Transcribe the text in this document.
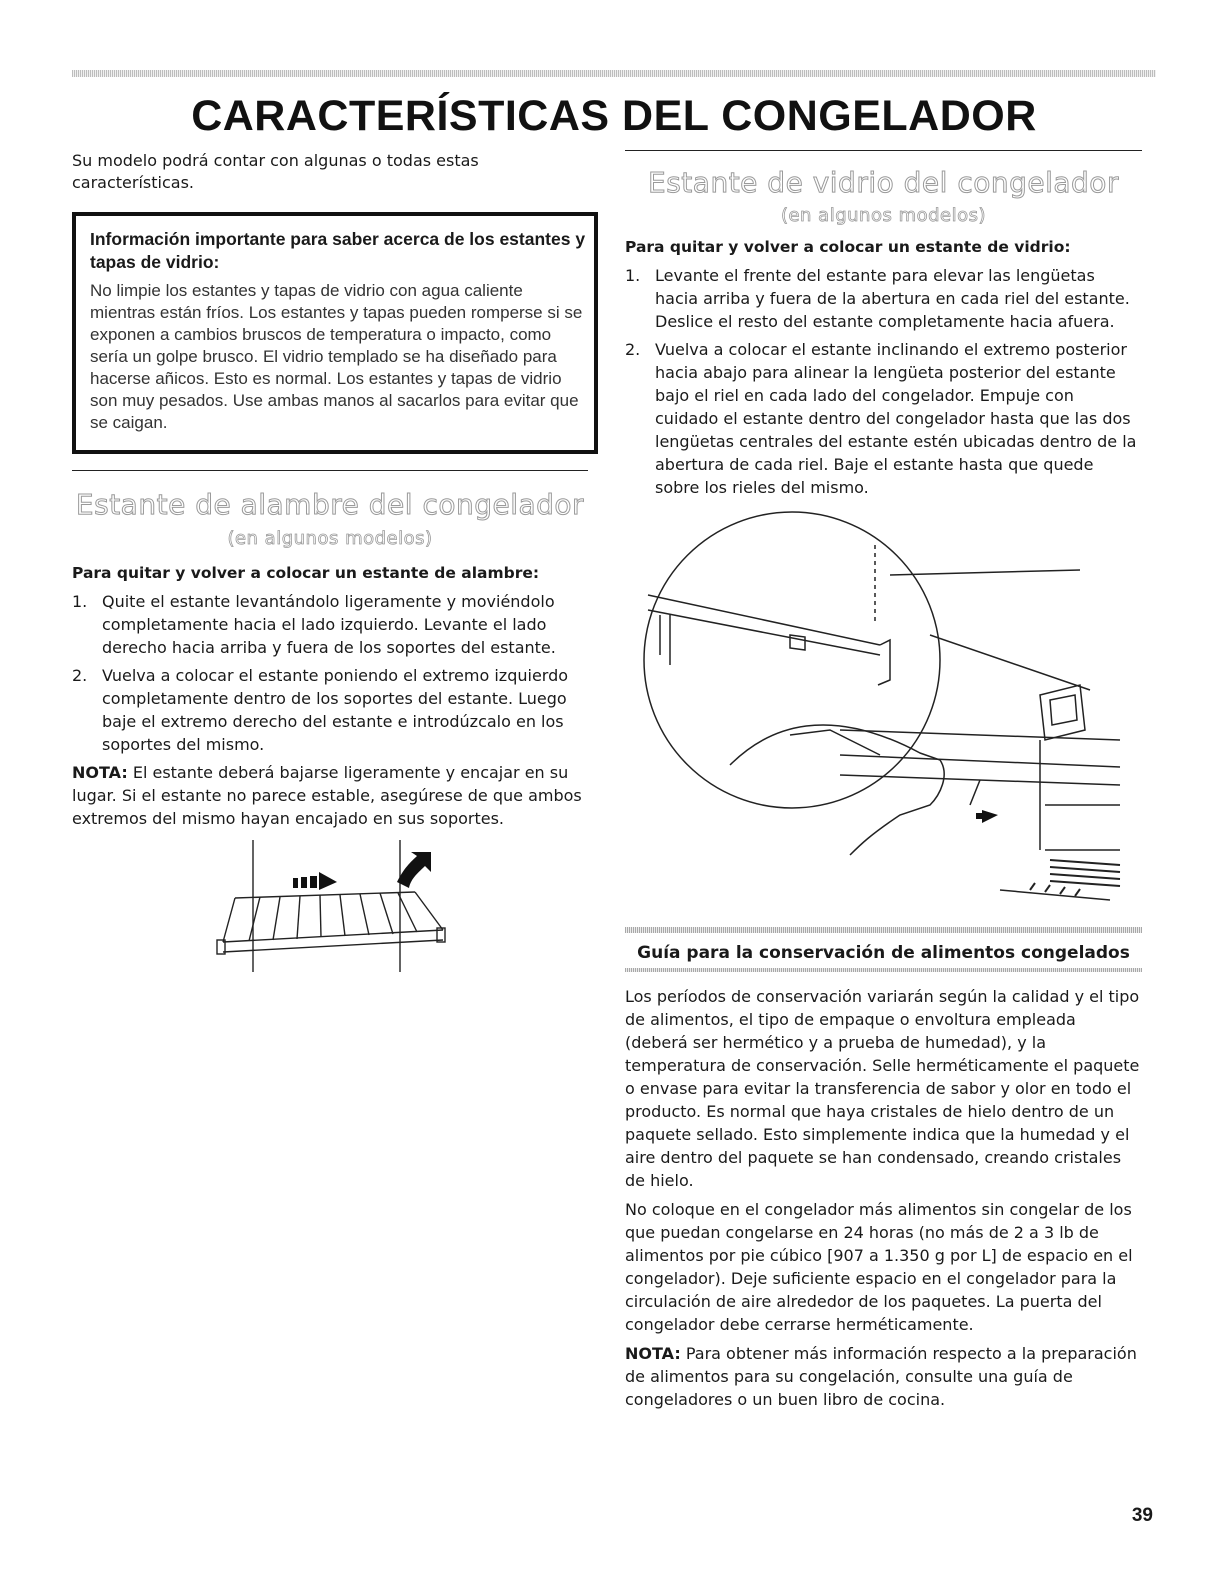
CARACTERÍSTICAS DEL CONGELADOR
Su modelo podrá contar con algunas o todas estas características.

Información importante para saber acerca de los estantes y tapas de vidrio:

No limpie los estantes y tapas de vidrio con agua caliente mientras están fríos. Los estantes y tapas pueden romperse si se exponen a cambios bruscos de temperatura o impacto, como sería un golpe brusco. El vidrio templado se ha diseñado para hacerse añicos. Esto es normal. Los estantes y tapas de vidrio son muy pesados. Use ambas manos al sacarlos para evitar que se caigan.

Estante de alambre del congelador
(en algunos modelos)
Para quitar y volver a colocar un estante de alambre:
1. Quite el estante levantándolo ligeramente y moviéndolo completamente hacia el lado izquierdo. Levante el lado derecho hacia arriba y fuera de los soportes del estante.
2. Vuelva a colocar el estante poniendo el extremo izquierdo completamente dentro de los soportes del estante. Luego baje el extremo derecho del estante e introdúzcalo en los soportes del mismo.

NOTA: El estante deberá bajarse ligeramente y encajar en su lugar. Si el estante no parece estable, asegúrese de que ambos extremos del mismo hayan encajado en sus soportes.

Estante de vidrio del congelador
(en algunos modelos)
Para quitar y volver a colocar un estante de vidrio:
1. Levante el frente del estante para elevar las lengüetas hacia arriba y fuera de la abertura en cada riel del estante. Deslice el resto del estante completamente hacia afuera.
2. Vuelva a colocar el estante inclinando el extremo posterior hacia abajo para alinear la lengüeta posterior del estante bajo el riel en cada lado del congelador. Empuje con cuidado el estante dentro del congelador hasta que las dos lengüetas centrales del estante estén ubicadas dentro de la abertura de cada riel. Baje el estante hasta que quede sobre los rieles del mismo.
Guía para la conservación de alimentos congelados

Los períodos de conservación variarán según la calidad y el tipo de alimentos, el tipo de empaque o envoltura empleada (deberá ser hermético y a prueba de humedad), y la temperatura de conservación. Selle herméticamente el paquete o envase para evitar la transferencia de sabor y olor en todo el producto. Es normal que haya cristales de hielo dentro de un paquete sellado. Esto simplemente indica que la humedad y el aire dentro del paquete se han condensado, creando cristales de hielo.

No coloque en el congelador más alimentos sin congelar de los que puedan congelarse en 24 horas (no más de 2 a 3 lb de alimentos por pie cúbico [907 a 1.350 g por L] de espacio en el congelador). Deje suficiente espacio en el congelador para la circulación de aire alrededor de los paquetes. La puerta del congelador debe cerrarse herméticamente.

NOTA: Para obtener más información respecto a la preparación de alimentos para su congelación, consulte una guía de congeladores o un buen libro de cocina.

39
